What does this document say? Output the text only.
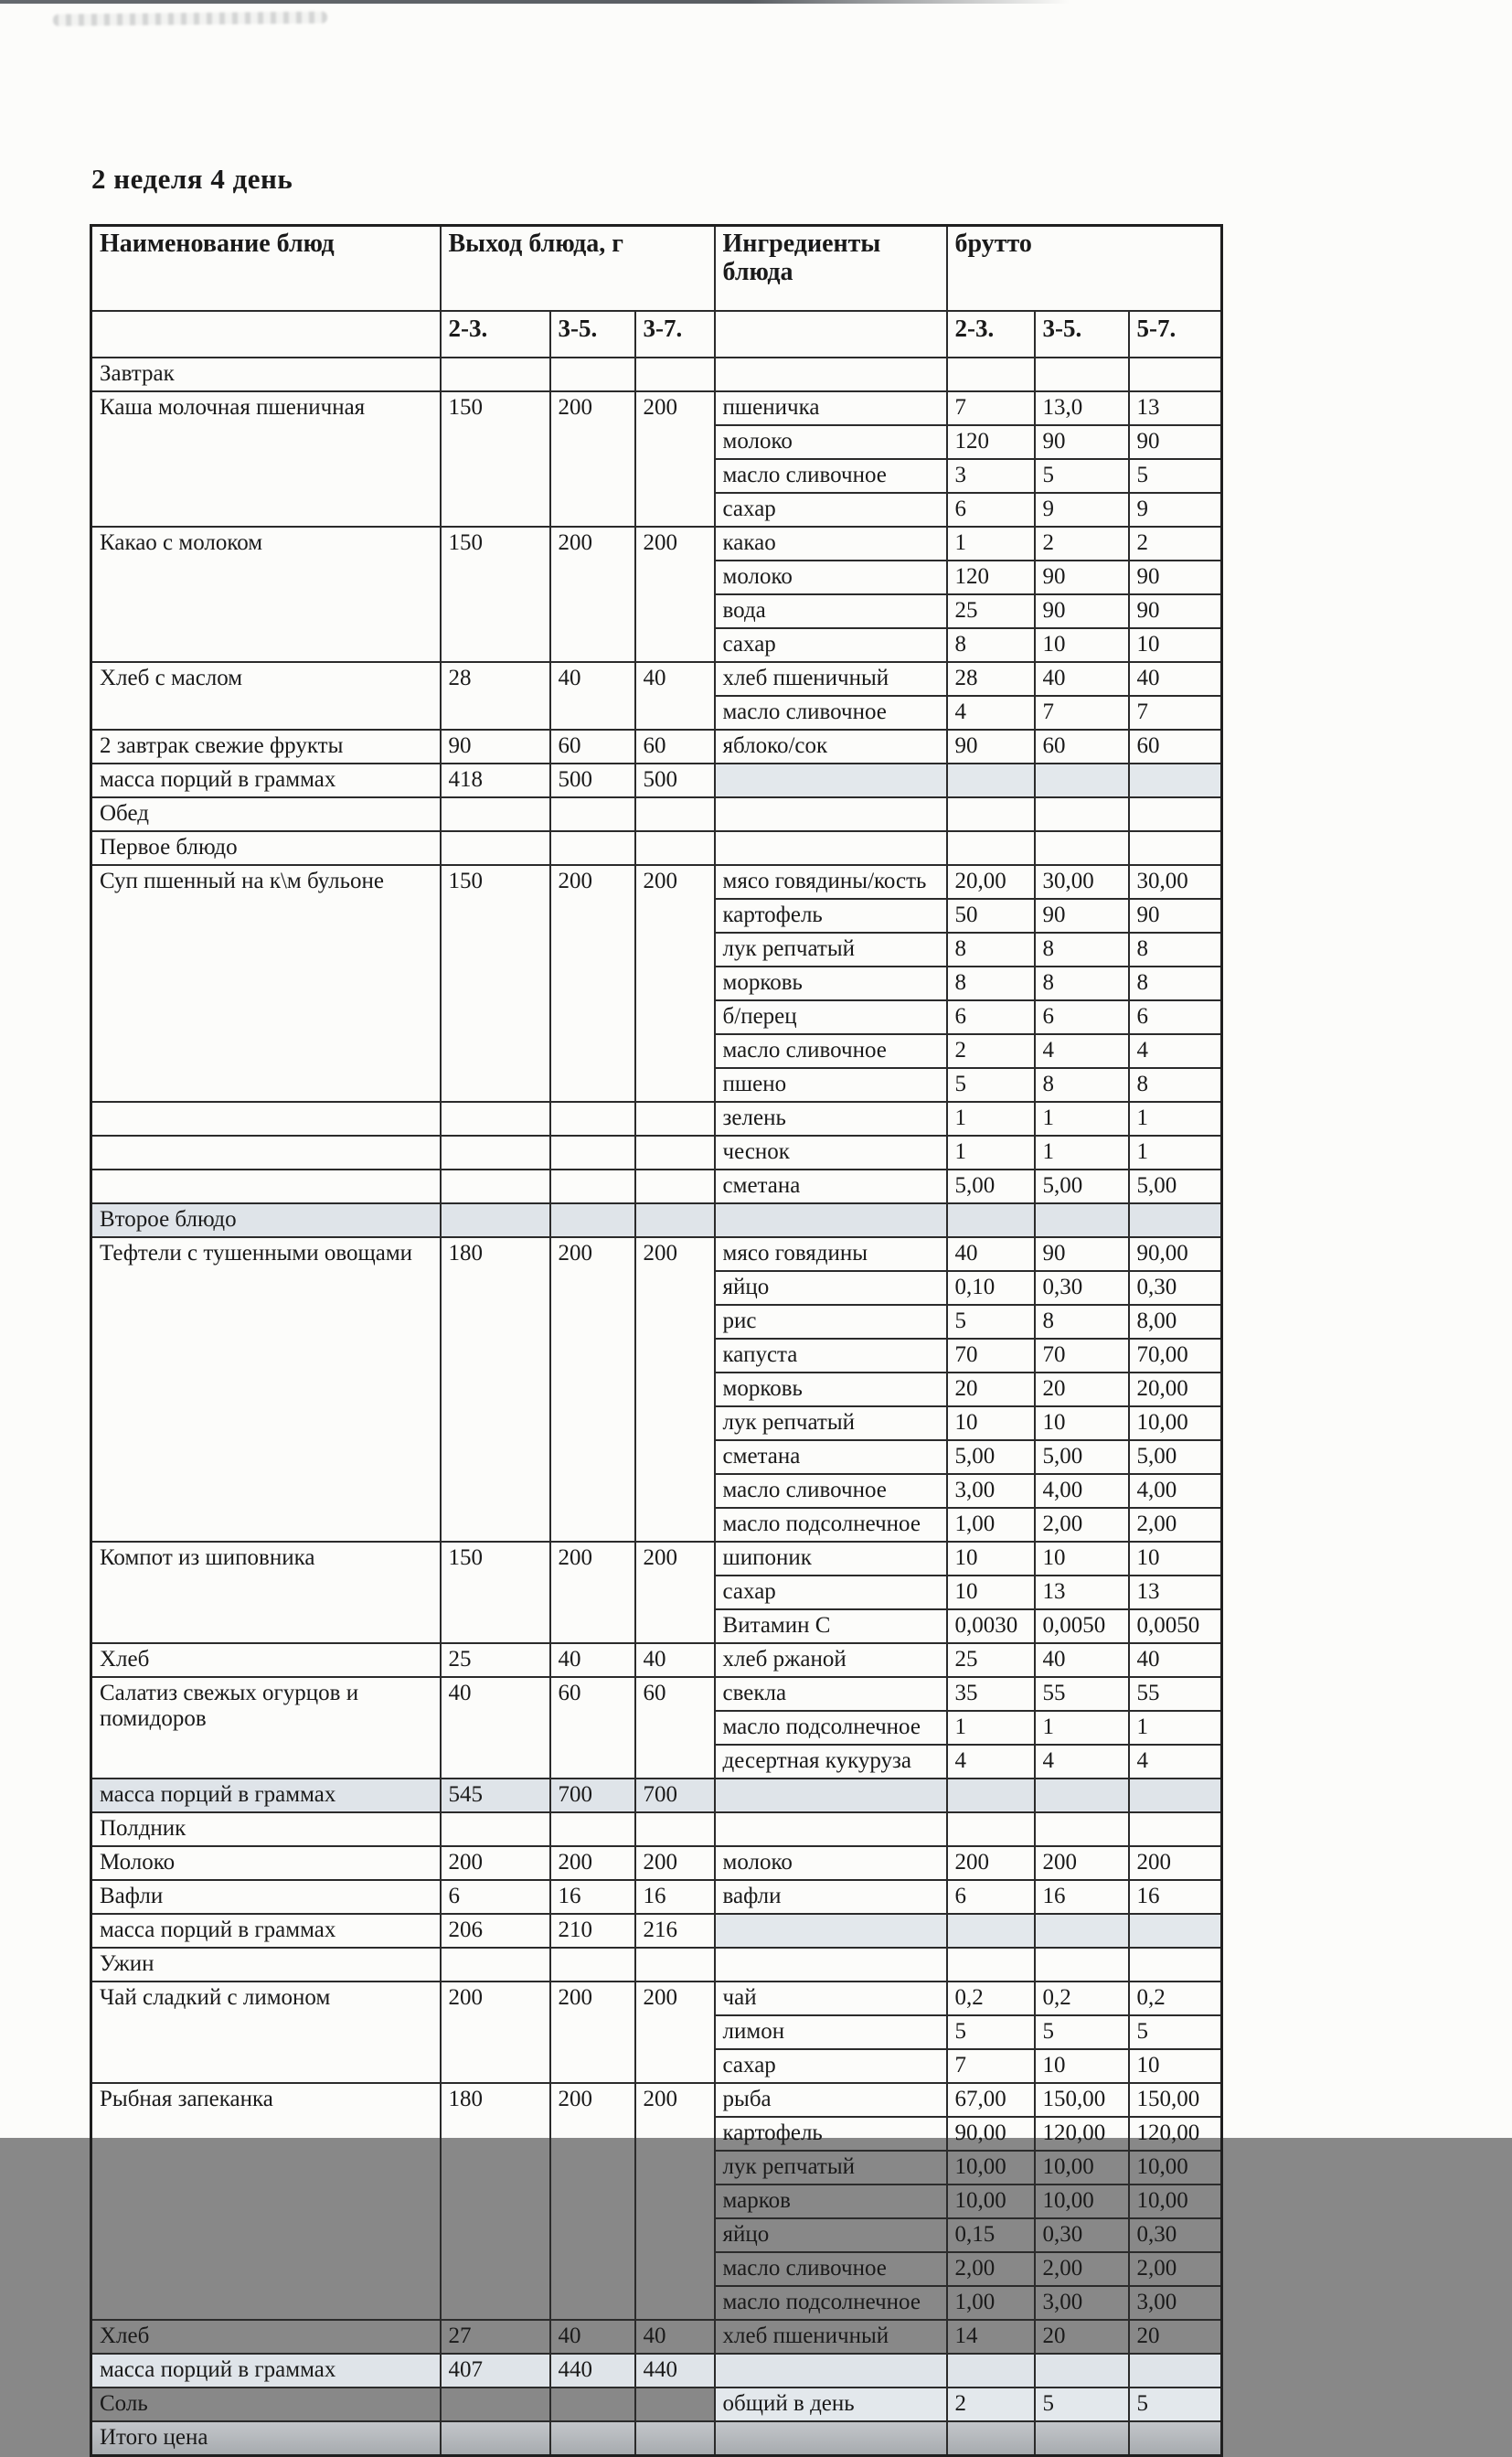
2 неделя 4 день
Наименование блюд	Выход блюда, г			Ингредиенты блюда	брутто		
	2-3.	3-5.	3-7.		2-3.	3-5.	5-7.
Завтрак							
Каша молочная пшеничная	150	200	200	пшеничка	7	13,0	13
				молоко	120	90	90
				масло сливочное	3	5	5
				сахар	6	9	9
Какао с молоком	150	200	200	какао	1	2	2
				молоко	120	90	90
				вода	25	90	90
				сахар	8	10	10
Хлеб с маслом	28	40	40	хлеб пшеничный	28	40	40
				масло сливочное	4	7	7
2 завтрак свежие фрукты	90	60	60	яблоко/сок	90	60	60
масса порций в граммах	418	500	500				
Обед							
Первое блюдо							
Суп пшенный на к\м бульоне	150	200	200	мясо говядины/кость	20,00	30,00	30,00
				картофель	50	90	90
				лук репчатый	8	8	8
				морковь	8	8	8
				б/перец	6	6	6
				масло сливочное	2	4	4
				пшено	5	8	8
				зелень	1	1	1
				чеснок	1	1	1
				сметана	5,00	5,00	5,00
Второе блюдо							
Тефтели с тушенными овощами	180	200	200	мясо говядины	40	90	90,00
				яйцо	0,10	0,30	0,30
				рис	5	8	8,00
				капуста	70	70	70,00
				морковь	20	20	20,00
				лук репчатый	10	10	10,00
				сметана	5,00	5,00	5,00
				масло сливочное	3,00	4,00	4,00
				масло подсолнечное	1,00	2,00	2,00
Компот из шиповника	150	200	200	шипоник	10	10	10
				сахар	10	13	13
				Витамин С	0,0030	0,0050	0,0050
Хлеб	25	40	40	хлеб ржаной	25	40	40
Салатиз свежых огурцов и помидоров	40	60	60	свекла	35	55	55
				масло подсолнечное	1	1	1
				десертная кукуруза	4	4	4
масса порций в граммах	545	700	700				
Полдник							
Молоко	200	200	200	молоко	200	200	200
Вафли	6	16	16	вафли	6	16	16
масса порций в граммах	206	210	216				
Ужин							
Чай сладкий с лимоном	200	200	200	чай	0,2	0,2	0,2
				лимон	5	5	5
				сахар	7	10	10
Рыбная запеканка	180	200	200	рыба	67,00	150,00	150,00
				картофель	90,00	120,00	120,00
				лук репчатый	10,00	10,00	10,00
				марков	10,00	10,00	10,00
				яйцо	0,15	0,30	0,30
				масло сливочное	2,00	2,00	2,00
				масло подсолнечное	1,00	3,00	3,00
Хлеб	27	40	40	хлеб пшеничный	14	20	20
масса порций в граммах	407	440	440				
Соль				общий в день	2	5	5
Итого цена							
